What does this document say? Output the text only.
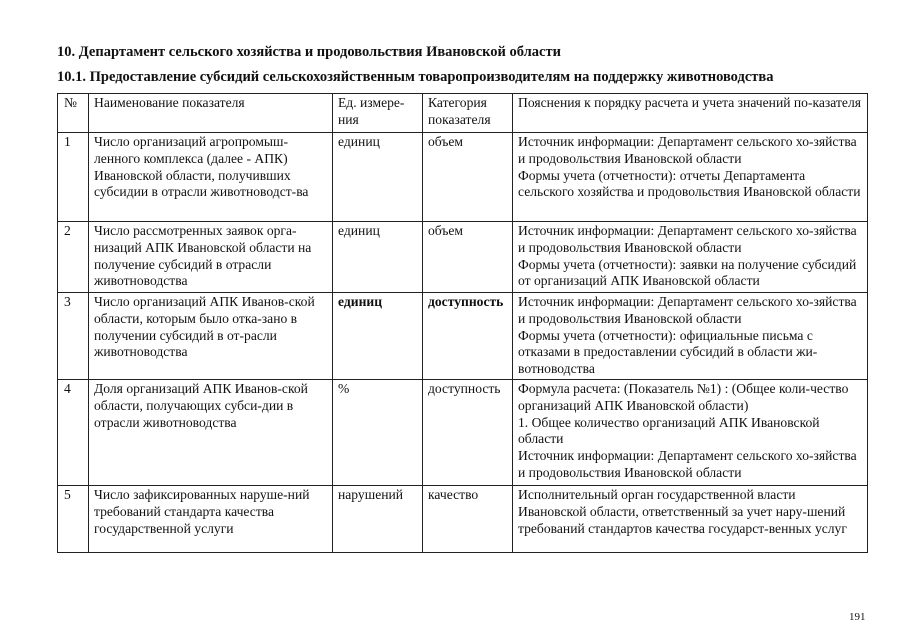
10. Департамент сельского хозяйства и продовольствия Ивановской области
10.1. Предоставление субсидий сельскохозяйственным товаропроизводителям на поддержку животноводства
№	Наименование показателя	Ед. измере-ния	Категория показателя	Пояснения к порядку расчета и учета значений по-казателя
1	Число организаций агропромыш-ленного комплекса (далее - АПК) Ивановской области, получивших субсидии в отрасли животноводст-ва	единиц	объем	Источник информации: Департамент сельского хо-зяйства и продовольствия Ивановской области
Формы учета (отчетности): отчеты Департамента сельского хозяйства и продовольствия Ивановской области
2	Число рассмотренных заявок орга-низаций АПК Ивановской области на получение субсидий в отрасли животноводства	единиц	объем	Источник информации: Департамент сельского хо-зяйства и продовольствия Ивановской области
Формы учета (отчетности): заявки на получение субсидий от организаций АПК Ивановской области
3	Число организаций АПК Иванов-ской области, которым было отка-зано в получении субсидий в от-расли животноводства	единиц	доступность	Источник информации: Департамент сельского хо-зяйства и продовольствия Ивановской области
Формы учета (отчетности): официальные письма с отказами в предоставлении субсидий в области жи-вотноводства
4	Доля организаций АПК Иванов-ской области, получающих субси-дии в отрасли животноводства	%	доступность	Формула расчета: (Показатель №1) : (Общее коли-чество организаций АПК Ивановской области)
1. Общее количество организаций АПК Ивановской области
Источник информации: Департамент сельского хо-зяйства и продовольствия Ивановской области
5	Число зафиксированных наруше-ний требований стандарта качества государственной услуги	нарушений	качество	Исполнительный орган государственной власти Ивановской области, ответственный за учет нару-шений требований стандартов качества государст-венных услуг
191
